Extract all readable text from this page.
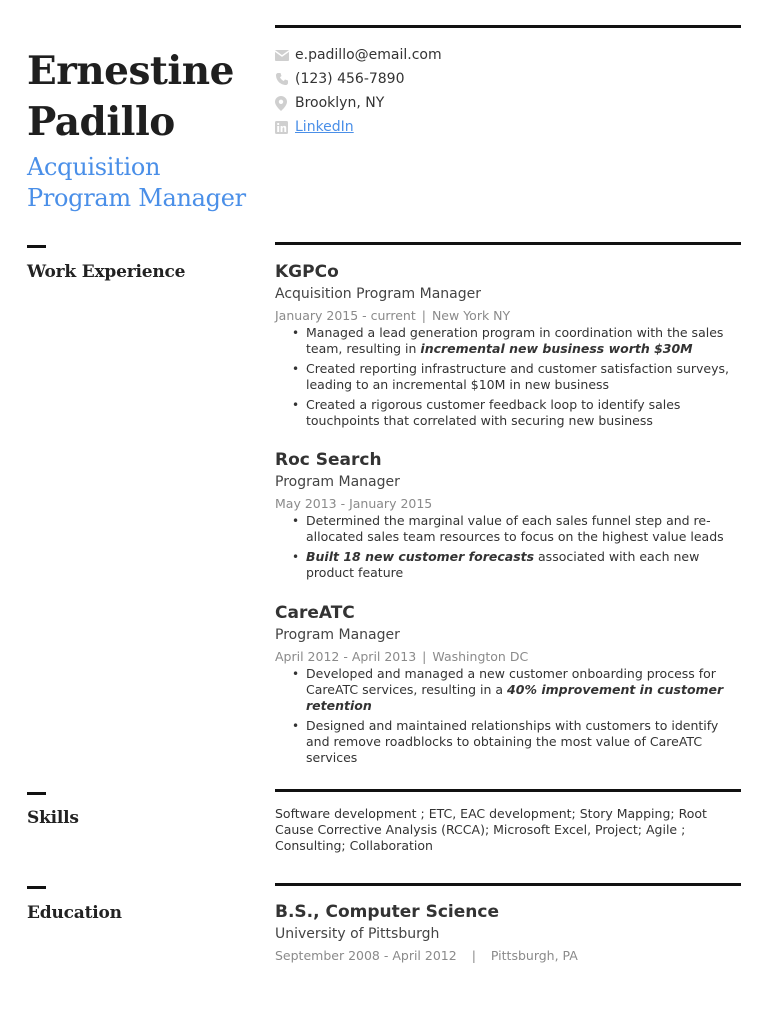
Ernestine
Padillo
Acquisition
Program Manager
e.padillo@email.com
(123) 456-7890
Brooklyn, NY
LinkedIn
Work Experience	KGPCo
Acquisition Program Manager
January 2015 - current | New York NY
• Managed a lead generation program in coordination with the sales team, resulting in incremental new business worth $30M
• Created reporting infrastructure and customer satisfaction surveys, leading to an incremental $10M in new business
• Created a rigorous customer feedback loop to identify sales touchpoints that correlated with securing new business
Roc Search
Program Manager
May 2013 - January 2015
• Determined the marginal value of each sales funnel step and re-allocated sales team resources to focus on the highest value leads
• Built 18 new customer forecasts associated with each new product feature
CareATC
Program Manager
April 2012 - April 2013 | Washington DC
• Developed and managed a new customer onboarding process for CareATC services, resulting in a 40% improvement in customer retention
• Designed and maintained relationships with customers to identify and remove roadblocks to obtaining the most value of CareATC services
Skills	Software development ; ETC, EAC development; Story Mapping; Root Cause Corrective Analysis (RCCA); Microsoft Excel, Project; Agile ; Consulting; Collaboration
Education	B.S., Computer Science
University of Pittsburgh
September 2008 - April 2012 | Pittsburgh, PA
